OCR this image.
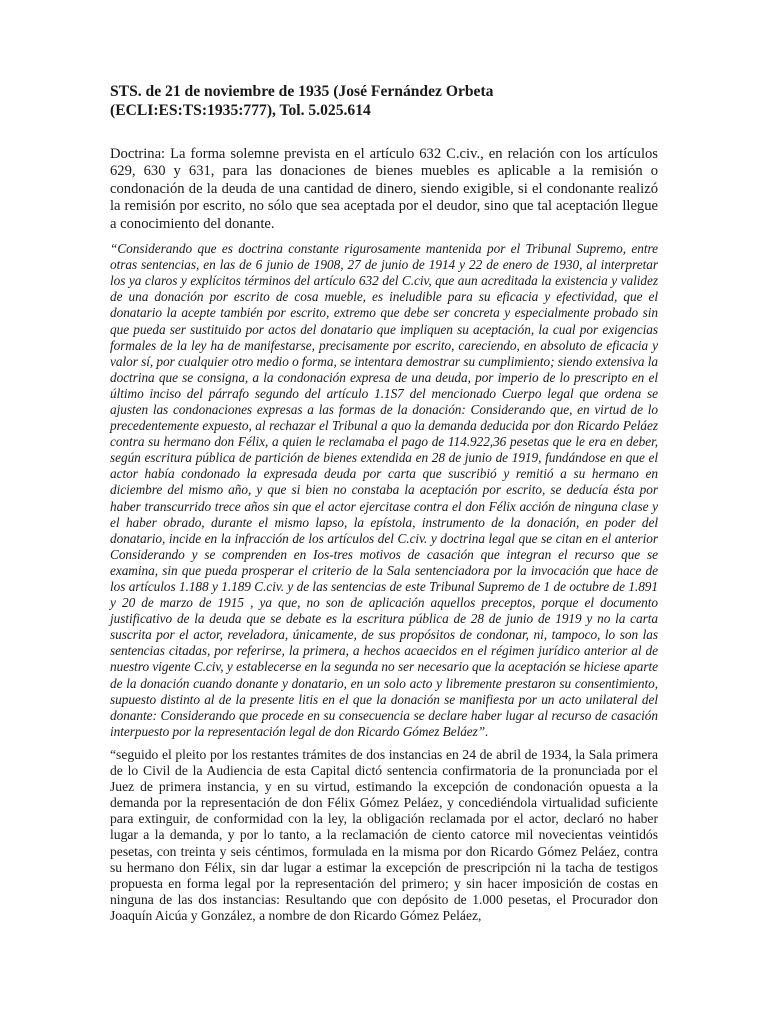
STS. de 21 de noviembre de 1935 (José Fernández Orbeta (ECLI:ES:TS:1935:777), Tol. 5.025.614

Doctrina: La forma solemne prevista en el artículo 632 C.civ., en relación con los artículos 629, 630 y 631, para las donaciones de bienes muebles es aplicable a la remisión o condonación de la deuda de una cantidad de dinero, siendo exigible, si el condonante realizó la remisión por escrito, no sólo que sea aceptada por el deudor, sino que tal aceptación llegue a conocimiento del donante.

“Considerando que es doctrina constante rigurosamente mantenida por el Tribunal Supremo, entre otras sentencias, en las de 6 junio de 1908, 27 de junio de 1914 y 22 de enero de 1930, al interpretar los ya claros y explícitos términos del artículo 632 del C.civ, que aun acreditada la existencia y validez de una donación por escrito de cosa mueble, es ineludible para su eficacia y efectividad, que el donatario la acepte también por escrito, extremo que debe ser concreta y especialmente probado sin que pueda ser sustituido por actos del donatario que impliquen su aceptación, la cual por exigencias formales de la ley ha de manifestarse, precisamente por escrito, careciendo, en absoluto de eficacia y valor sí, por cualquier otro medio o forma, se intentara demostrar su cumplimiento; siendo extensiva la doctrina que se consigna, a la condonación expresa de una deuda, por imperio de lo prescripto en el último inciso del párrafo segundo del artículo 1.1S7 del mencionado Cuerpo legal que ordena se ajusten las condonaciones expresas a las formas de la donación: Considerando que, en virtud de lo precedentemente expuesto, al rechazar el Tribunal a quo la demanda deducida por don Ricardo Peláez contra su hermano don Félix, a quien le reclamaba el pago de 114.922,36 pesetas que le era en deber, según escritura pública de partición de bienes extendida en 28 de junio de 1919, fundándose en que el actor había condonado la expresada deuda por carta que suscribió y remitió a su hermano en diciembre del mismo año, y que si bien no constaba la aceptación por escrito, se deducía ésta por haber transcurrido trece años sin que el actor ejercitase contra el don Félix acción de ninguna clase y el haber obrado, durante el mismo lapso, la epístola, instrumento de la donación, en poder del donatario, incide en la infracción de los artículos del C.civ. y doctrina legal que se citan en el anterior Considerando y se comprenden en Ios-tres motivos de casación que integran el recurso que se examina, sin que pueda prosperar el criterio de la Sala sentenciadora por la invocación que hace de los artículos 1.188 y 1.189 C.civ. y de las sentencias de este Tribunal Supremo de 1 de octubre de 1.891 y 20 de marzo de 1915 , ya que, no son de aplicación aquellos preceptos, porque el documento justificativo de la deuda que se debate es la escritura pública de 28 de junio de 1919 y no la carta suscrita por el actor, reveladora, únicamente, de sus propósitos de condonar, ni, tampoco, lo son las sentencias citadas, por referirse, la primera, a hechos acaecidos en el régimen jurídico anterior al de nuestro vigente C.civ, y establecerse en la segunda no ser necesario que la aceptación se hiciese aparte de la donación cuando donante y donatario, en un solo acto y libremente prestaron su consentimiento, supuesto distinto al de la presente litis en el que la donación se manifiesta por un acto unilateral del donante: Considerando que procede en su consecuencia se declare haber lugar al recurso de casación interpuesto por la representación legal de don Ricardo Gómez Beláez”.

“seguido el pleito por los restantes trámites de dos instancias en 24 de abril de 1934, la Sala primera de lo Civil de la Audiencia de esta Capital dictó sentencia confirmatoria de la pronunciada por el Juez de primera instancia, y en su virtud, estimando la excepción de condonación opuesta a la demanda por la representación de don Félix Gómez Peláez, y concediéndola virtualidad suficiente para extinguir, de conformidad con la ley, la obligación reclamada por el actor, declaró no haber lugar a la demanda, y por lo tanto, a la reclamación de ciento catorce mil novecientas veintidós pesetas, con treinta y seis céntimos, formulada en la misma por don Ricardo Gómez Peláez, contra su hermano don Félix, sin dar lugar a estimar la excepción de prescripción ni la tacha de testigos propuesta en forma legal por la representación del primero; y sin hacer imposición de costas en ninguna de las dos instancias: Resultando que con depósito de 1.000 pesetas, el Procurador don Joaquín Aicúa y González, a nombre de don Ricardo Gómez Peláez,
